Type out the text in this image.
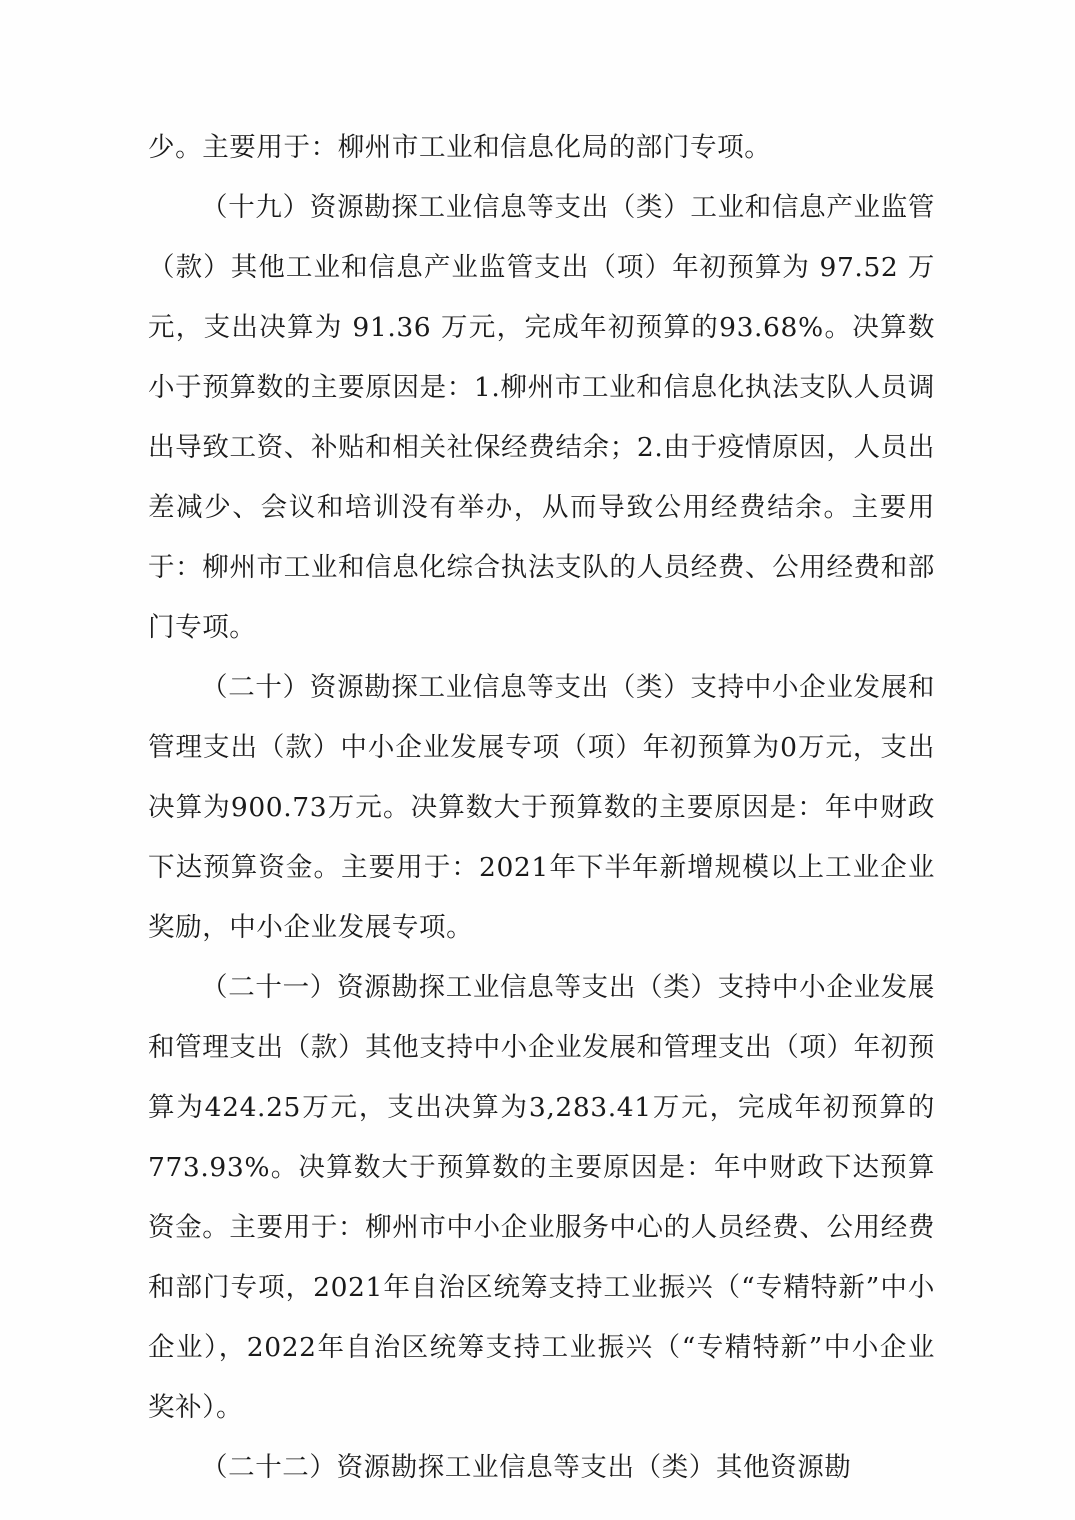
少。主要用于：柳州市工业和信息化局的部门专项。

（十九）资源勘探工业信息等支出（类）工业和信息产业监管（款）其他工业和信息产业监管支出（项）年初预算为 97.52 万元，支出决算为 91.36 万元，完成年初预算的93.68%。决算数小于预算数的主要原因是：1.柳州市工业和信息化执法支队人员调出导致工资、补贴和相关社保经费结余；2.由于疫情原因，人员出差减少、会议和培训没有举办，从而导致公用经费结余。主要用于：柳州市工业和信息化综合执法支队的人员经费、公用经费和部门专项。

（二十）资源勘探工业信息等支出（类）支持中小企业发展和管理支出（款）中小企业发展专项（项）年初预算为0万元，支出决算为900.73万元。决算数大于预算数的主要原因是：年中财政下达预算资金。主要用于：2021年下半年新增规模以上工业企业奖励，中小企业发展专项。

（二十一）资源勘探工业信息等支出（类）支持中小企业发展和管理支出（款）其他支持中小企业发展和管理支出（项）年初预算为424.25万元，支出决算为3,283.41万元，完成年初预算的773.93%。决算数大于预算数的主要原因是：年中财政下达预算资金。主要用于：柳州市中小企业服务中心的人员经费、公用经费和部门专项，2021年自治区统筹支持工业振兴（“专精特新”中小企业），2022年自治区统筹支持工业振兴（“专精特新”中小企业奖补）。

（二十二）资源勘探工业信息等支出（类）其他资源勘
